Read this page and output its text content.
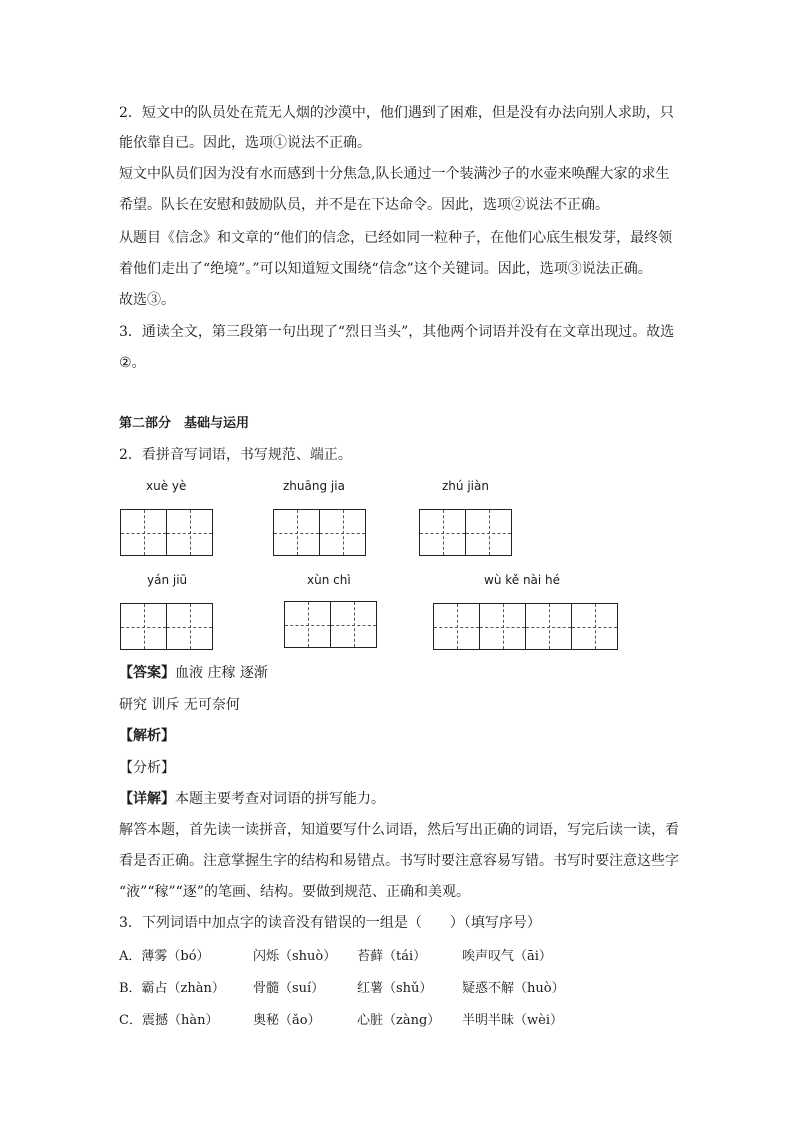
2．短文中的队员处在荒无人烟的沙漠中，他们遇到了困难，但是没有办法向别人求助，只
能依靠自已。因此，选项①说法不正确。
短文中队员们因为没有水而感到十分焦急,队长通过一个装满沙子的水壶来唤醒大家的求生
希望。队长在安慰和鼓励队员，并不是在下达命令。因此，选项②说法不正确。
从题目《信念》和文章的“他们的信念，已经如同一粒种子，在他们心底生根发芽，最终领
着他们走出了“绝境”。”可以知道短文围绕“信念”这个关键词。因此，选项③说法正确。
故选③。
3．通读全文，第三段第一句出现了“烈日当头”，其他两个词语并没有在文章出现过。故选
②。
第二部分　基础与运用
2．看拼音写词语，书写规范、端正。
xuè yè	zhuāng jia	zhú jiàn
yán jiū	xùn chì	wù kě nài hé
【答案】血液 庄稼 逐渐
研究 训斥 无可奈何
【解析】
【分析】
【详解】本题主要考查对词语的拼写能力。
解答本题，首先读一读拼音，知道要写什么词语，然后写出正确的词语，写完后读一读，看
看是否正确。注意掌握生字的结构和易错点。书写时要注意容易写错。书写时要注意这些字
“液”“稼”“逐”的笔画、结构。要做到规范、正确和美观。
3．下列词语中加点字的读音没有错误的一组是（　　）（填写序号）
A．薄雾（bó）	闪烁（shuò） 苔藓（tái）	唉声叹气（āi）
B．霸占（zhàn） 骨髓（suí）	红薯（shǔ） 疑惑不解（huò）
C．震撼（hàn）	奥秘（ǎo）	心脏（zàng） 半明半昧（wèi）
